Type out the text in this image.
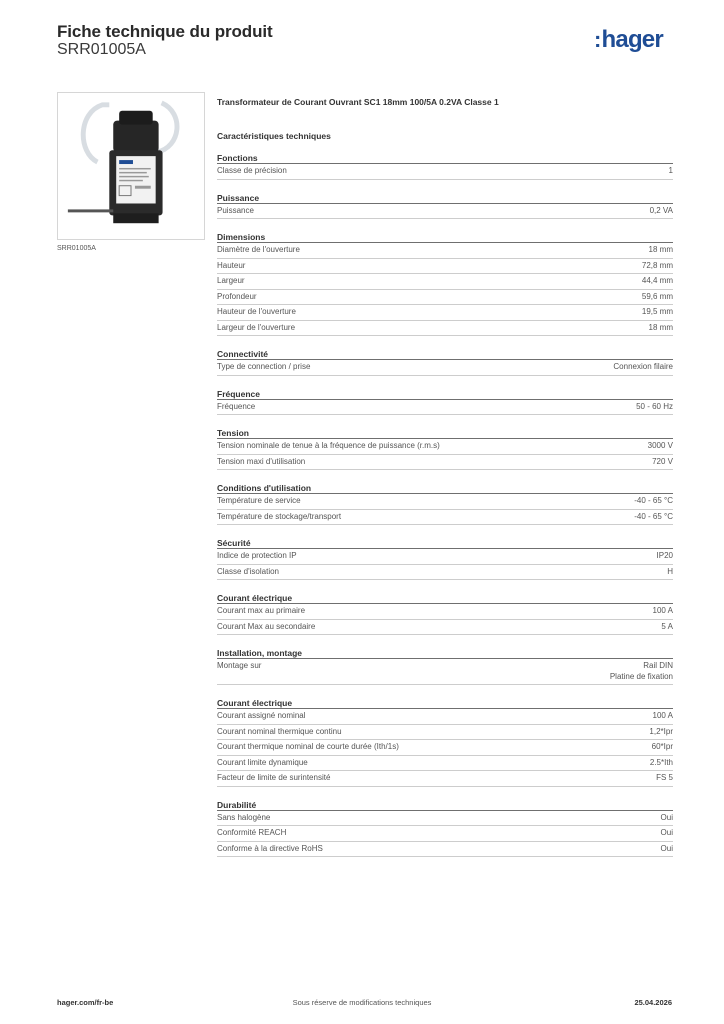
Fiche technique du produit
SRR01005A	:hager
SRR01005A
Transformateur de Courant Ouvrant SC1 18mm 100/5A 0.2VA Classe 1
Caractéristiques techniques
Fonctions
Classe de précision	1
Puissance
Puissance	0,2 VA
Dimensions
Diamètre de l'ouverture	18 mm
Hauteur	72,8 mm
Largeur	44,4 mm
Profondeur	59,6 mm
Hauteur de l'ouverture	19,5 mm
Largeur de l'ouverture	18 mm
Connectivité
Type de connection / prise	Connexion filaire
Fréquence
Fréquence	50 - 60 Hz
Tension
Tension nominale de tenue à la fréquence de puissance (r.m.s)	3000 V
Tension maxi d'utilisation	720 V
Conditions d'utilisation
Température de service	-40 - 65 °C
Température de stockage/transport	-40 - 65 °C
Sécurité
Indice de protection IP	IP20
Classe d'isolation	H
Courant électrique
Courant max au primaire	100 A
Courant Max au secondaire	5 A
Installation, montage
Montage sur	Rail DIN
Platine de fixation
Courant électrique
Courant assigné nominal	100 A
Courant nominal thermique continu	1,2*Ipr
Courant thermique nominal de courte durée (Ith/1s)	60*Ipr
Courant limite dynamique	2.5*Ith
Facteur de limite de surintensité	FS 5
Durabilité
Sans halogène	Oui
Conformité REACH	Oui
Conforme à la directive RoHS	Oui
hager.com/fr-be	Sous réserve de modifications techniques	25.04.2026
